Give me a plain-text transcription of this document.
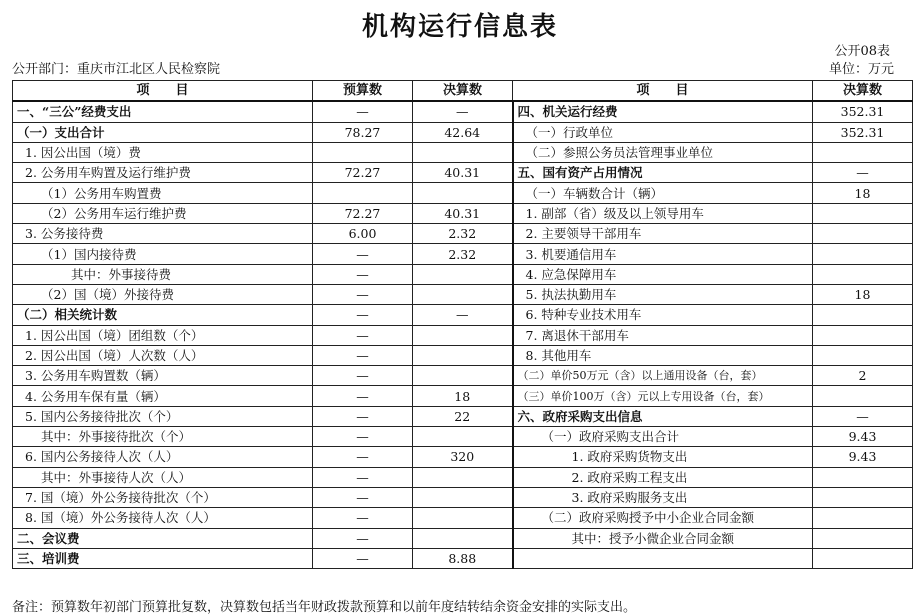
机构运行信息表
公开08表
公开部门：重庆市江北区人民检察院	单位：万元
项　　目	预算数	决算数	项　　目	决算数
一、“三公”经费支出	—	—	四、机关运行经费	352.31
（一）支出合计	78.27	42.64	（一）行政单位	352.31
1. 因公出国（境）费			（二）参照公务员法管理事业单位	
2. 公务用车购置及运行维护费	72.27	40.31	五、国有资产占用情况	—
（1）公务用车购置费			（一）车辆数合计（辆）	18
（2）公务用车运行维护费	72.27	40.31	1. 副部（省）级及以上领导用车	
3. 公务接待费	6.00	2.32	2. 主要领导干部用车	
（1）国内接待费	—	2.32	3. 机要通信用车	
其中：外事接待费	—		4. 应急保障用车	
（2）国（境）外接待费	—		5. 执法执勤用车	18
（二）相关统计数	—	—	6. 特种专业技术用车	
1. 因公出国（境）团组数（个）	—		7. 离退休干部用车	
2. 因公出国（境）人次数（人）	—		8. 其他用车	
3. 公务用车购置数（辆）	—		（二）单价50万元（含）以上通用设备（台，套）	2
4. 公务用车保有量（辆）	—	18	（三）单价100万（含）元以上专用设备（台，套）	
5. 国内公务接待批次（个）	—	22	六、政府采购支出信息	—
其中：外事接待批次（个）	—		（一）政府采购支出合计	9.43
6. 国内公务接待人次（人）	—	320	1. 政府采购货物支出	9.43
其中：外事接待人次（人）	—		2. 政府采购工程支出	
7. 国（境）外公务接待批次（个）	—		3. 政府采购服务支出	
8. 国（境）外公务接待人次（人）	—		（二）政府采购授予中小企业合同金额	
二、会议费	—		其中：授予小微企业合同金额	
三、培训费	—	8.88		
备注：预算数年初部门预算批复数，决算数包括当年财政拨款预算和以前年度结转结余资金安排的实际支出。
